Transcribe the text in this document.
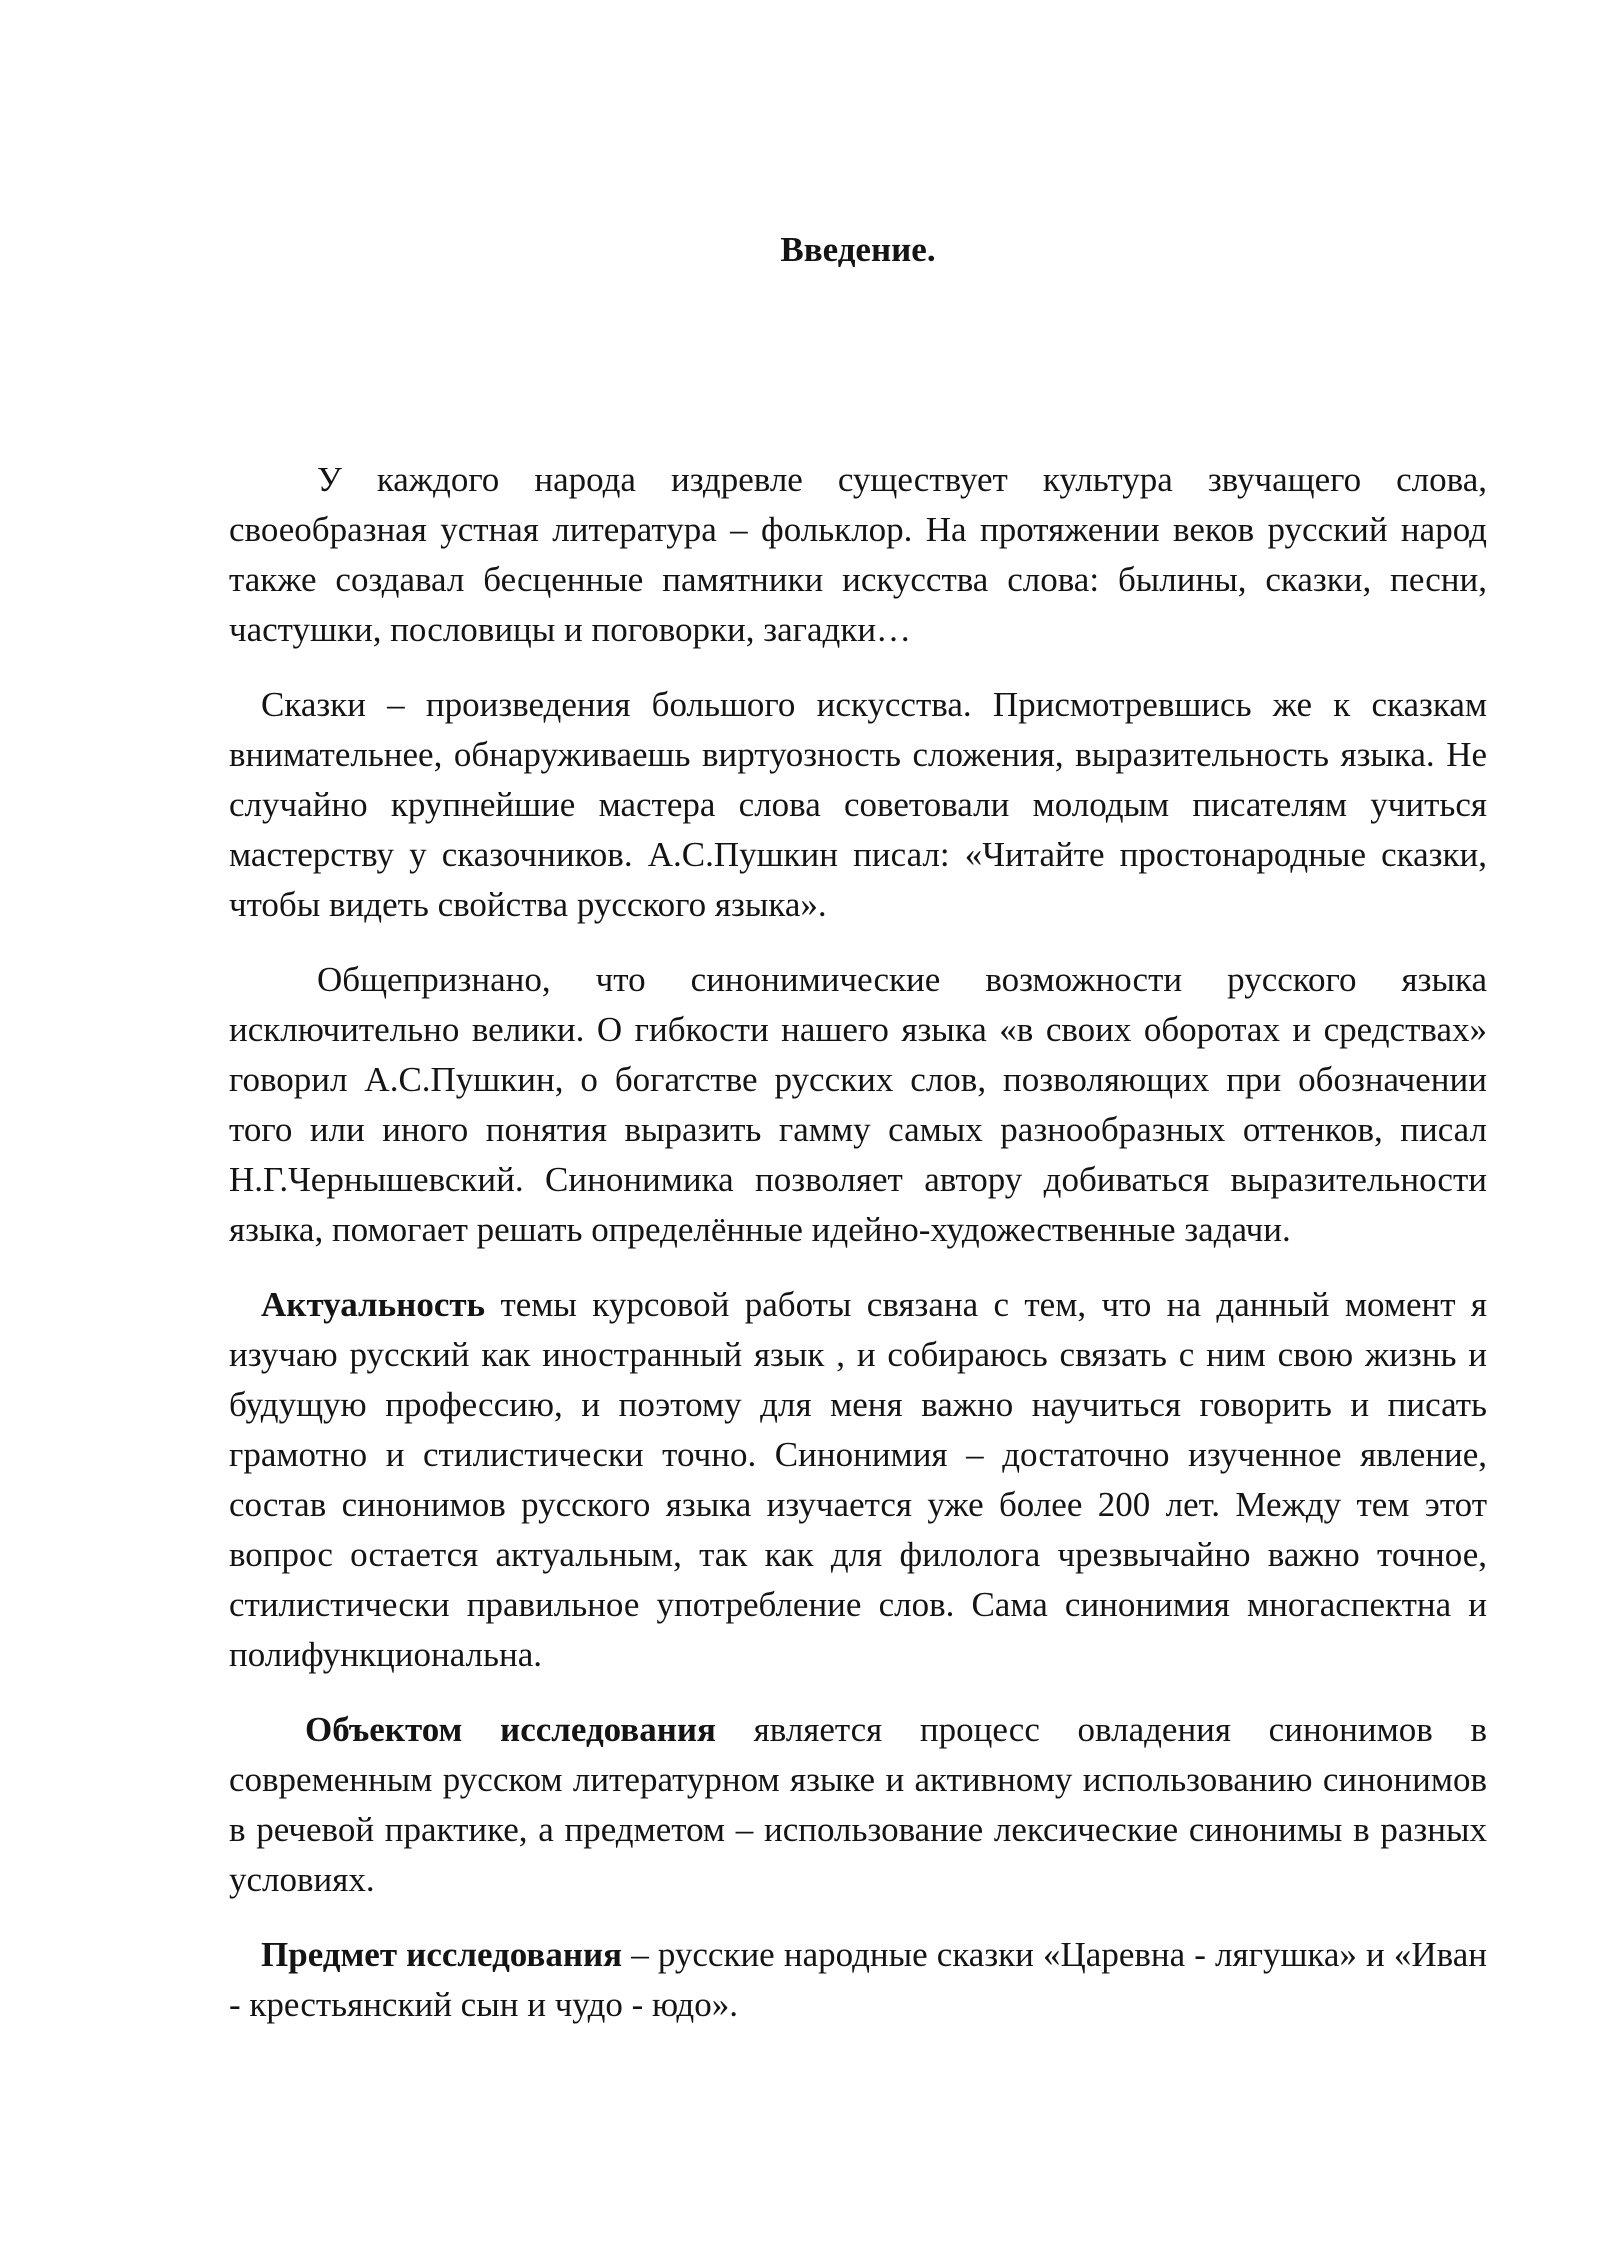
Введение.

У каждого народа издревле существует культура звучащего слова, своеобразная устная литература – фольклор. На протяжении веков русский народ также создавал бесценные памятники искусства слова: былины, сказки, песни, частушки, пословицы и поговорки, загадки…

Сказки – произведения большого искусства. Присмотревшись же к сказкам внимательнее, обнаруживаешь виртуозность сложения, выразительность языка. Не случайно крупнейшие мастера слова советовали молодым писателям учиться мастерству у сказочников. А.С.Пушкин писал: «Читайте простонародные сказки, чтобы видеть свойства русского языка».

Общепризнано, что синонимические возможности русского языка исключительно велики. О гибкости нашего языка «в своих оборотах и средствах» говорил А.С.Пушкин, о богатстве русских слов, позволяющих при обозначении того или иного понятия выразить гамму самых разнообразных оттенков, писал Н.Г.Чернышевский. Синонимика позволяет автору добиваться выразительности языка, помогает решать определённые идейно-художественные задачи.

Актуальность темы курсовой работы связана с тем, что на данный момент я изучаю русский как иностранный язык , и собираюсь связать с ним свою жизнь и будущую профессию, и поэтому для меня важно научиться говорить и писать грамотно и стилистически точно. Синонимия – достаточно изученное явление, состав синонимов русского языка изучается уже более 200 лет. Между тем этот вопрос остается актуальным, так как для филолога чрезвычайно важно точное, стилистически правильное употребление слов. Сама синонимия многаспектна и полифункциональна.

Объектом исследования является процесс овладения синонимов в современным русском литературном языке и активному использованию синонимов в речевой практике, а предметом – использование лексические синонимы в разных условиях.

Предмет исследования – русские народные сказки «Царевна - лягушка» и «Иван - крестьянский сын и чудо - юдо».
